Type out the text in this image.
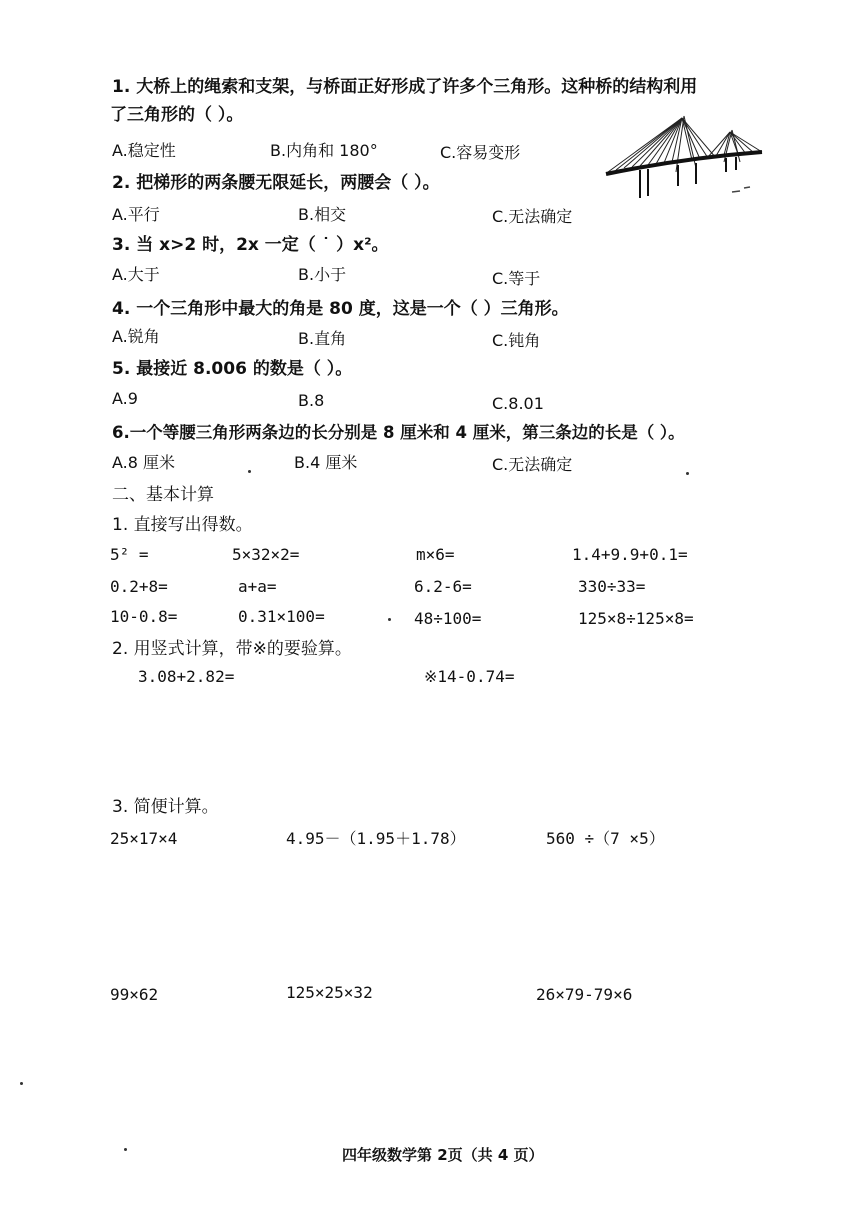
1. 大桥上的绳索和支架，与桥面正好形成了许多个三角形。这种桥的结构利用
了三角形的（ ）。
A.稳定性	B.内角和 180°	C.容易变形
2. 把梯形的两条腰无限延长，两腰会（ ）。
A.平行	B.相交	C.无法确定
3. 当 x>2 时，2x 一定（ ˙ ）x²。
A.大于	B.小于	C.等于
4. 一个三角形中最大的角是 80 度，这是一个（ ）三角形。
A.锐角	B.直角	C.钝角
5. 最接近 8.006 的数是（ ）。
A.9	B.8	C.8.01
6.一个等腰三角形两条边的长分别是 8 厘米和 4 厘米，第三条边的长是（ ）。
A.8 厘米	B.4 厘米	C.无法确定
二、基本计算
1. 直接写出得数。
5² =	5×32×2=	m×6=	1.4+9.9+0.1=
0.2+8=	a+a=	6.2-6=	330÷33=
10-0.8=	0.31×100=	48÷100=	125×8÷125×8=
2. 用竖式计算，带※的要验算。
3.08+2.82=	※14-0.74=
3. 简便计算。
25×17×4	4.95－（1.95＋1.78）	560 ÷（7 ×5）
99×62	125×25×32	26×79-79×6
四年级数学第 2页（共 4 页）
